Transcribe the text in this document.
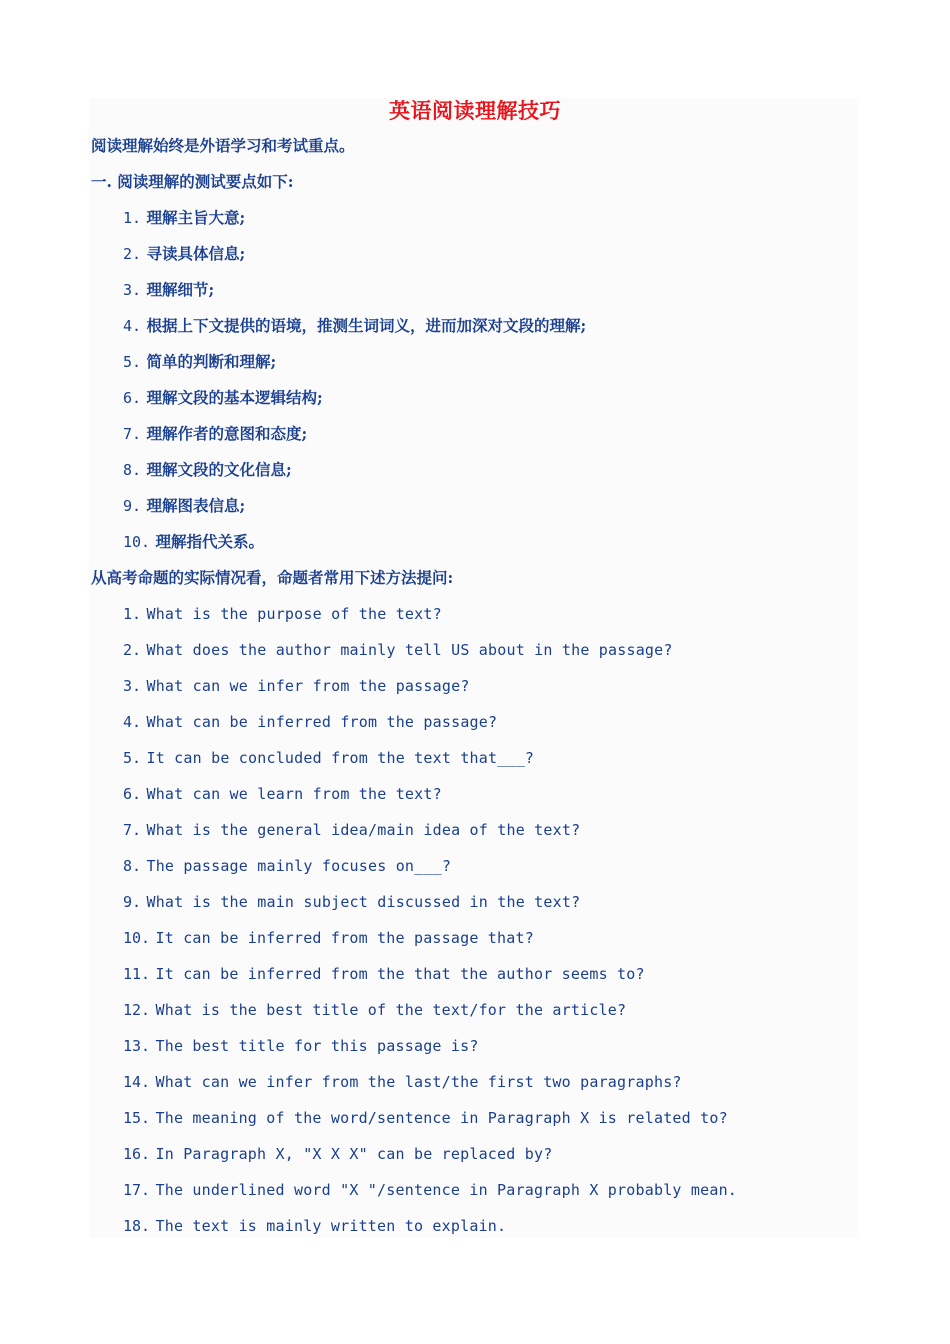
英语阅读理解技巧
阅读理解始终是外语学习和考试重点。
一. 阅读理解的测试要点如下:
1. 理解主旨大意;
2. 寻读具体信息;
3. 理解细节;
4. 根据上下文提供的语境，推测生词词义，进而加深对文段的理解;
5. 简单的判断和理解;
6. 理解文段的基本逻辑结构;
7. 理解作者的意图和态度;
8. 理解文段的文化信息;
9. 理解图表信息;
10. 理解指代关系。
从高考命题的实际情况看，命题者常用下述方法提问:
1. What is the purpose of the text?
2. What does the author mainly tell US about in the passage?
3. What can we infer from the passage?
4. What can be inferred from the passage?
5. It can be concluded from the text that___?
6. What can we learn from the text?
7. What is the general idea/main idea of the text?
8. The passage mainly focuses on___?
9. What is the main subject discussed in the text?
10. It can be inferred from the passage that?
11. It can be inferred from the that the author seems to?
12. What is the best title of the text/for the article?
13. The best title for this passage is?
14. What can we infer from the last/the first two paragraphs?
15. The meaning of the word/sentence in Paragraph X is related to?
16. In Paragraph X, "X X X" can be replaced by?
17. The underlined word "X "/sentence in Paragraph X probably mean.
18. The text is mainly written to explain.
